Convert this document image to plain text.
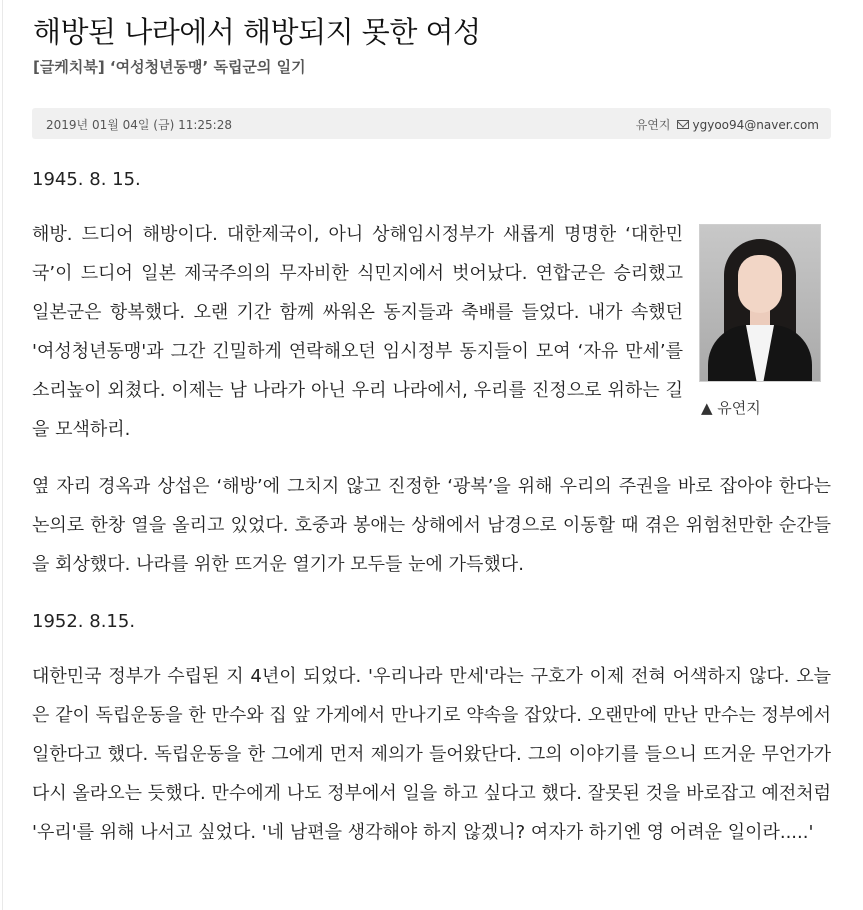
해방된 나라에서 해방되지 못한 여성
[글케치북] ‘여성청년동맹’ 독립군의 일기
2019년 01월 04일 (금) 11:25:28	유연지 ygyoo94@naver.com

1945. 8. 15.

▲ 유연지

해방. 드디어 해방이다. 대한제국이, 아니 상해임시정부가 새롭게 명명한 ‘대한민국’이 드디어 일본 제국주의의 무자비한 식민지에서 벗어났다. 연합군은 승리했고 일본군은 항복했다. 오랜 기간 함께 싸워온 동지들과 축배를 들었다. 내가 속했던 '여성청년동맹'과 그간 긴밀하게 연락해오던 임시정부 동지들이 모여 ‘자유 만세’를 소리높이 외쳤다. 이제는 남 나라가 아닌 우리 나라에서, 우리를 진정으로 위하는 길을 모색하리.

옆 자리 경옥과 상섭은 ‘해방’에 그치지 않고 진정한 ‘광복’을 위해 우리의 주권을 바로 잡아야 한다는 논의로 한창 열을 올리고 있었다. 호중과 봉애는 상해에서 남경으로 이동할 때 겪은 위험천만한 순간들을 회상했다. 나라를 위한 뜨거운 열기가 모두들 눈에 가득했다.

1952. 8.15.

대한민국 정부가 수립된 지 4년이 되었다. '우리나라 만세'라는 구호가 이제 전혀 어색하지 않다. 오늘은 같이 독립운동을 한 만수와 집 앞 가게에서 만나기로 약속을 잡았다. 오랜만에 만난 만수는 정부에서 일한다고 했다. 독립운동을 한 그에게 먼저 제의가 들어왔단다. 그의 이야기를 들으니 뜨거운 무언가가 다시 올라오는 듯했다. 만수에게 나도 정부에서 일을 하고 싶다고 했다. 잘못된 것을 바로잡고 예전처럼 '우리'를 위해 나서고 싶었다. '네 남편을 생각해야 하지 않겠니? 여자가 하기엔 영 어려운 일이라.....'
